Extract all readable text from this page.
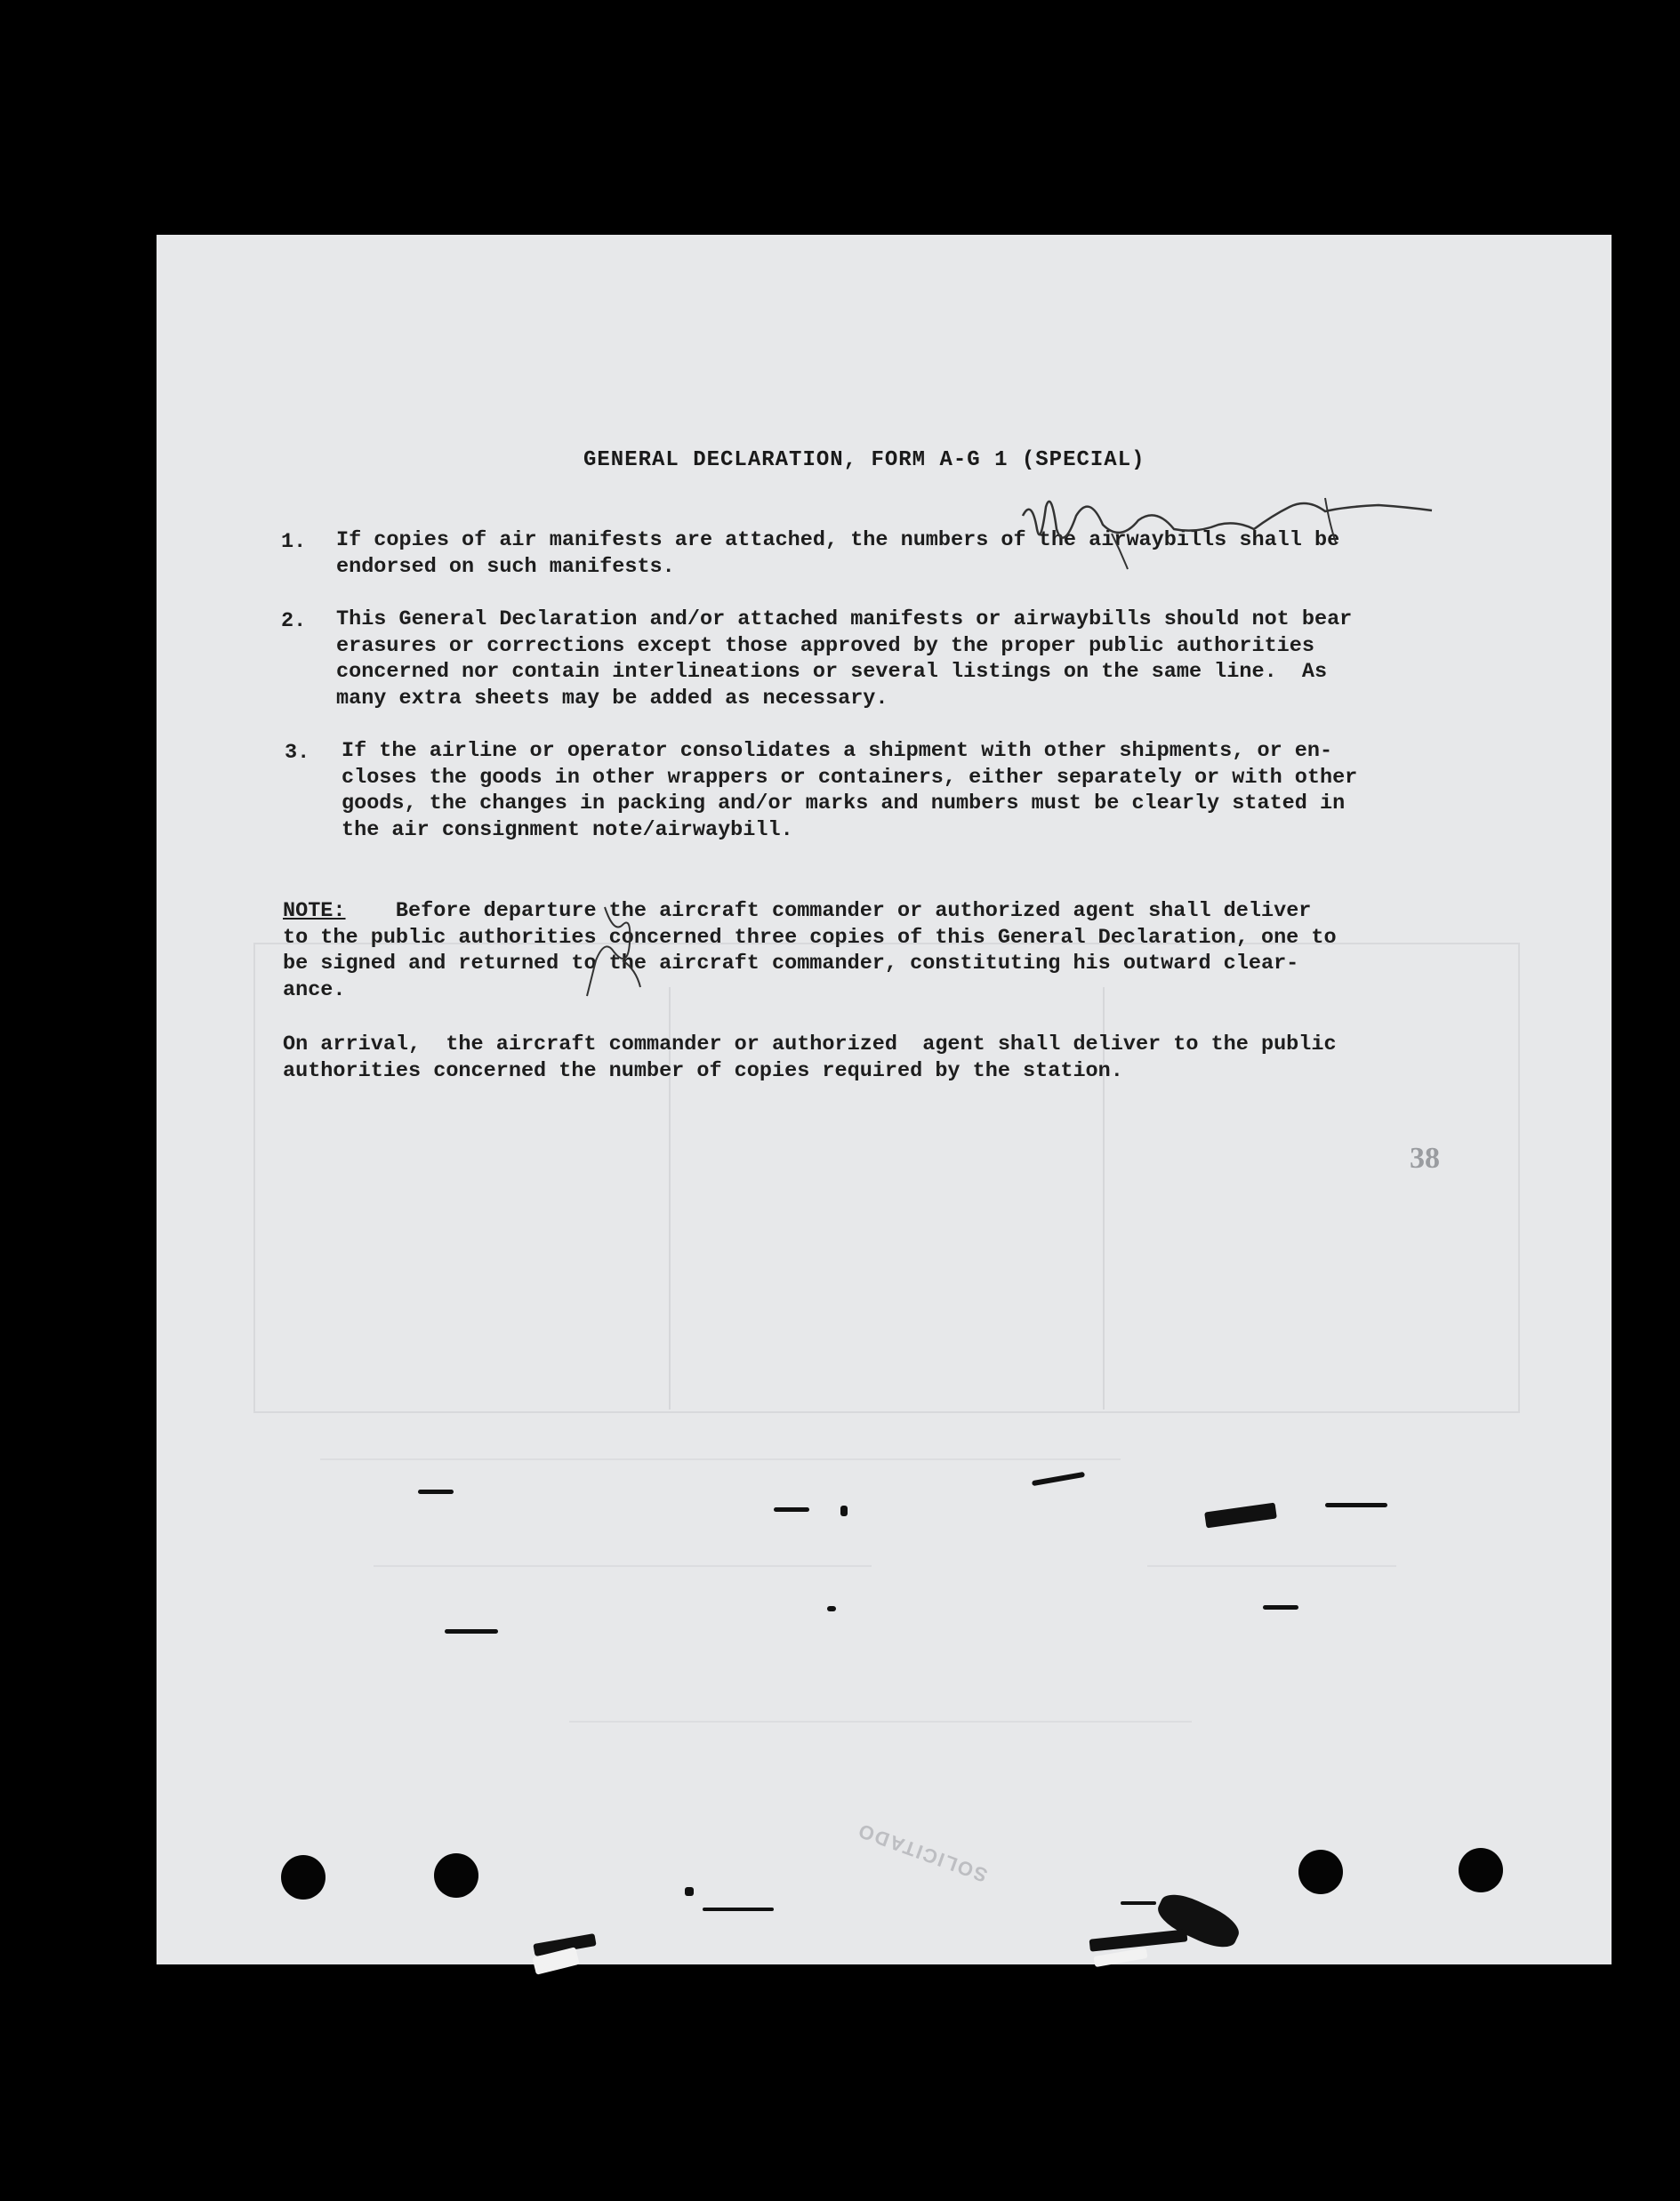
SOLICITADO
GENERAL DECLARATION, FORM A-G 1 (SPECIAL)
1. If copies of air manifests are attached, the numbers of the airwaybills shall be
endorsed on such manifests.
2. This General Declaration and/or attached manifests or airwaybills should not bear
erasures or corrections except those approved by the proper public authorities
concerned nor contain interlineations or several listings on the same line.  As
many extra sheets may be added as necessary.
3. If the airline or operator consolidates a shipment with other shipments, or en-
closes the goods in other wrappers or containers, either separately or with other
goods, the changes in packing and/or marks and numbers must be clearly stated in
the air consignment note/airwaybill.
NOTE:    Before departure the aircraft commander or authorized agent shall deliver
to the public authorities concerned three copies of this General Declaration, one to
be signed and returned to the aircraft commander, constituting his outward clear-
ance.
On arrival,  the aircraft commander or authorized  agent shall deliver to the public
authorities concerned the number of copies required by the station.
38
